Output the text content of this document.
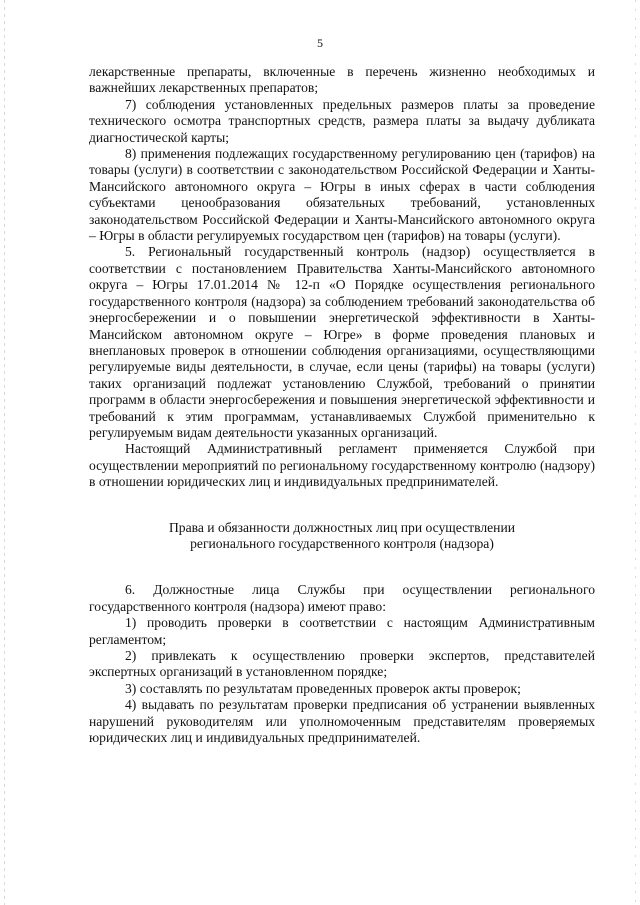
5

лекарственные препараты, включенные в перечень жизненно необходимых и важнейших лекарственных препаратов;

7) соблюдения установленных предельных размеров платы за проведение технического осмотра транспортных средств, размера платы за выдачу дубликата диагностической карты;

8) применения подлежащих государственному регулированию цен (тарифов) на товары (услуги) в соответствии с законодательством Российской Федерации и Ханты-Мансийского автономного округа – Югры в иных сферах в части соблюдения субъектами ценообразования обязательных требований, установленных законодательством Российской Федерации и Ханты-Мансийского автономного округа – Югры в области регулируемых государством цен (тарифов) на товары (услуги).

5. Региональный государственный контроль (надзор) осуществляется в соответствии с постановлением Правительства Ханты-Мансийского автономного округа – Югры 17.01.2014 № 12-п «О Порядке осуществления регионального государственного контроля (надзора) за соблюдением требований законодательства об энергосбережении и о повышении энергетической эффективности в Ханты-Мансийском автономном округе – Югре» в форме проведения плановых и внеплановых проверок в отношении соблюдения организациями, осуществляющими регулируемые виды деятельности, в случае, если цены (тарифы) на товары (услуги) таких организаций подлежат установлению Службой, требований о принятии программ в области энергосбережения и повышения энергетической эффективности и требований к этим программам, устанавливаемых Службой применительно к регулируемым видам деятельности указанных организаций.

Настоящий Административный регламент применяется Службой при осуществлении мероприятий по региональному государственному контролю (надзору) в отношении юридических лиц и индивидуальных предпринимателей.

Права и обязанности должностных лиц при осуществлении
регионального государственного контроля (надзора)

6. Должностные лица Службы при осуществлении регионального государственного контроля (надзора) имеют право:

1) проводить проверки в соответствии с настоящим Административным регламентом;

2) привлекать к осуществлению проверки экспертов, представителей экспертных организаций в установленном порядке;

3) составлять по результатам проведенных проверок акты проверок;

4) выдавать по результатам проверки предписания об устранении выявленных нарушений руководителям или уполномоченным представителям проверяемых юридических лиц и индивидуальных предпринимателей.
